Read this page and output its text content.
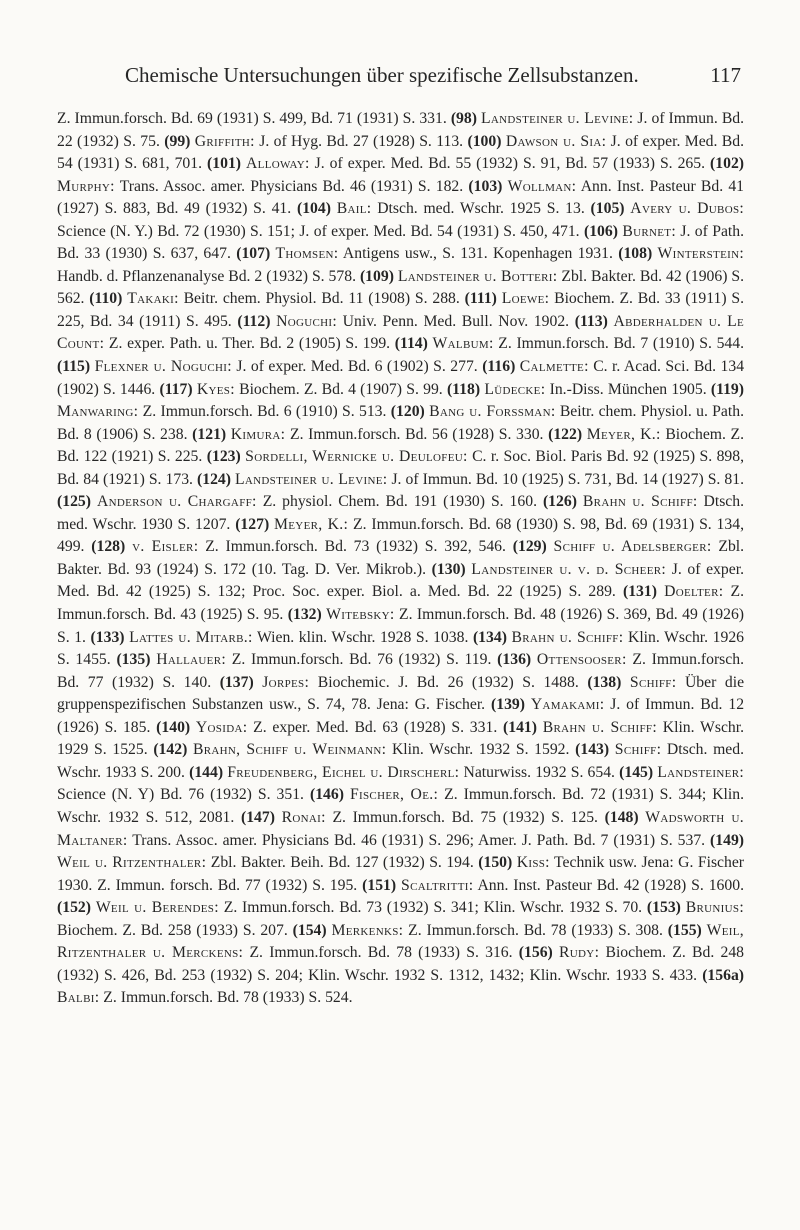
Chemische Untersuchungen über spezifische Zellsubstanzen.	117
Z. Immun.forsch. Bd. 69 (1931) S. 499, Bd. 71 (1931) S. 331. (98) Landsteiner u. Levine: J. of Immun. Bd. 22 (1932) S. 75. (99) Griffith: J. of Hyg. Bd. 27 (1928) S. 113. (100) Dawson u. Sia: J. of exper. Med. Bd. 54 (1931) S. 681, 701. (101) Alloway: J. of exper. Med. Bd. 55 (1932) S. 91, Bd. 57 (1933) S. 265. (102) Murphy: Trans. Assoc. amer. Physicians Bd. 46 (1931) S. 182. (103) Wollman: Ann. Inst. Pasteur Bd. 41 (1927) S. 883, Bd. 49 (1932) S. 41. (104) Bail: Dtsch. med. Wschr. 1925 S. 13. (105) Avery u. Dubos: Science (N. Y.) Bd. 72 (1930) S. 151; J. of exper. Med. Bd. 54 (1931) S. 450, 471. (106) Burnet: J. of Path. Bd. 33 (1930) S. 637, 647. (107) Thomsen: Antigens usw., S. 131. Kopenhagen 1931. (108) Winterstein: Handb. d. Pflanzenanalyse Bd. 2 (1932) S. 578. (109) Landsteiner u. Botteri: Zbl. Bakter. Bd. 42 (1906) S. 562. (110) Takaki: Beitr. chem. Physiol. Bd. 11 (1908) S. 288. (111) Loewe: Biochem. Z. Bd. 33 (1911) S. 225, Bd. 34 (1911) S. 495. (112) Noguchi: Univ. Penn. Med. Bull. Nov. 1902. (113) Abderhalden u. Le Count: Z. exper. Path. u. Ther. Bd. 2 (1905) S. 199. (114) Walbum: Z. Immun.forsch. Bd. 7 (1910) S. 544. (115) Flexner u. Noguchi: J. of exper. Med. Bd. 6 (1902) S. 277. (116) Calmette: C. r. Acad. Sci. Bd. 134 (1902) S. 1446. (117) Kyes: Biochem. Z. Bd. 4 (1907) S. 99. (118) Lüdecke: In.-Diss. München 1905. (119) Manwaring: Z. Immun.forsch. Bd. 6 (1910) S. 513. (120) Bang u. Forssman: Beitr. chem. Physiol. u. Path. Bd. 8 (1906) S. 238. (121) Kimura: Z. Immun.forsch. Bd. 56 (1928) S. 330. (122) Meyer, K.: Biochem. Z. Bd. 122 (1921) S. 225. (123) Sordelli, Wernicke u. Deulofeu: C. r. Soc. Biol. Paris Bd. 92 (1925) S. 898, Bd. 84 (1921) S. 173. (124) Landsteiner u. Levine: J. of Immun. Bd. 10 (1925) S. 731, Bd. 14 (1927) S. 81. (125) Anderson u. Chargaff: Z. physiol. Chem. Bd. 191 (1930) S. 160. (126) Brahn u. Schiff: Dtsch. med. Wschr. 1930 S. 1207. (127) Meyer, K.: Z. Immun.forsch. Bd. 68 (1930) S. 98, Bd. 69 (1931) S. 134, 499. (128) v. Eisler: Z. Immun.forsch. Bd. 73 (1932) S. 392, 546. (129) Schiff u. Adelsberger: Zbl. Bakter. Bd. 93 (1924) S. 172 (10. Tag. D. Ver. Mikrob.). (130) Landsteiner u. v. d. Scheer: J. of exper. Med. Bd. 42 (1925) S. 132; Proc. Soc. exper. Biol. a. Med. Bd. 22 (1925) S. 289. (131) Doelter: Z. Immun.forsch. Bd. 43 (1925) S. 95. (132) Witebsky: Z. Immun.forsch. Bd. 48 (1926) S. 369, Bd. 49 (1926) S. 1. (133) Lattes u. Mitarb.: Wien. klin. Wschr. 1928 S. 1038. (134) Brahn u. Schiff: Klin. Wschr. 1926 S. 1455. (135) Hallauer: Z. Immun.forsch. Bd. 76 (1932) S. 119. (136) Ottensooser: Z. Immun.forsch. Bd. 77 (1932) S. 140. (137) Jorpes: Biochemic. J. Bd. 26 (1932) S. 1488. (138) Schiff: Über die gruppenspezifischen Substanzen usw., S. 74, 78. Jena: G. Fischer. (139) Yamakami: J. of Immun. Bd. 12 (1926) S. 185. (140) Yosida: Z. exper. Med. Bd. 63 (1928) S. 331. (141) Brahn u. Schiff: Klin. Wschr. 1929 S. 1525. (142) Brahn, Schiff u. Weinmann: Klin. Wschr. 1932 S. 1592. (143) Schiff: Dtsch. med. Wschr. 1933 S. 200. (144) Freudenberg, Eichel u. Dirscherl: Naturwiss. 1932 S. 654. (145) Landsteiner: Science (N. Y) Bd. 76 (1932) S. 351. (146) Fischer, Oe.: Z. Immun.forsch. Bd. 72 (1931) S. 344; Klin. Wschr. 1932 S. 512, 2081. (147) Ronai: Z. Immun.forsch. Bd. 75 (1932) S. 125. (148) Wadsworth u. Maltaner: Trans. Assoc. amer. Physicians Bd. 46 (1931) S. 296; Amer. J. Path. Bd. 7 (1931) S. 537. (149) Weil u. Ritzenthaler: Zbl. Bakter. Beih. Bd. 127 (1932) S. 194. (150) Kiss: Technik usw. Jena: G. Fischer 1930. Z. Immun. forsch. Bd. 77 (1932) S. 195. (151) Scaltritti: Ann. Inst. Pasteur Bd. 42 (1928) S. 1600. (152) Weil u. Berendes: Z. Immun.forsch. Bd. 73 (1932) S. 341; Klin. Wschr. 1932 S. 70. (153) Brunius: Biochem. Z. Bd. 258 (1933) S. 207. (154) Merkenks: Z. Immun.forsch. Bd. 78 (1933) S. 308. (155) Weil, Ritzenthaler u. Merckens: Z. Immun.forsch. Bd. 78 (1933) S. 316. (156) Rudy: Biochem. Z. Bd. 248 (1932) S. 426, Bd. 253 (1932) S. 204; Klin. Wschr. 1932 S. 1312, 1432; Klin. Wschr. 1933 S. 433. (156a) Balbi: Z. Immun.forsch. Bd. 78 (1933) S. 524.
